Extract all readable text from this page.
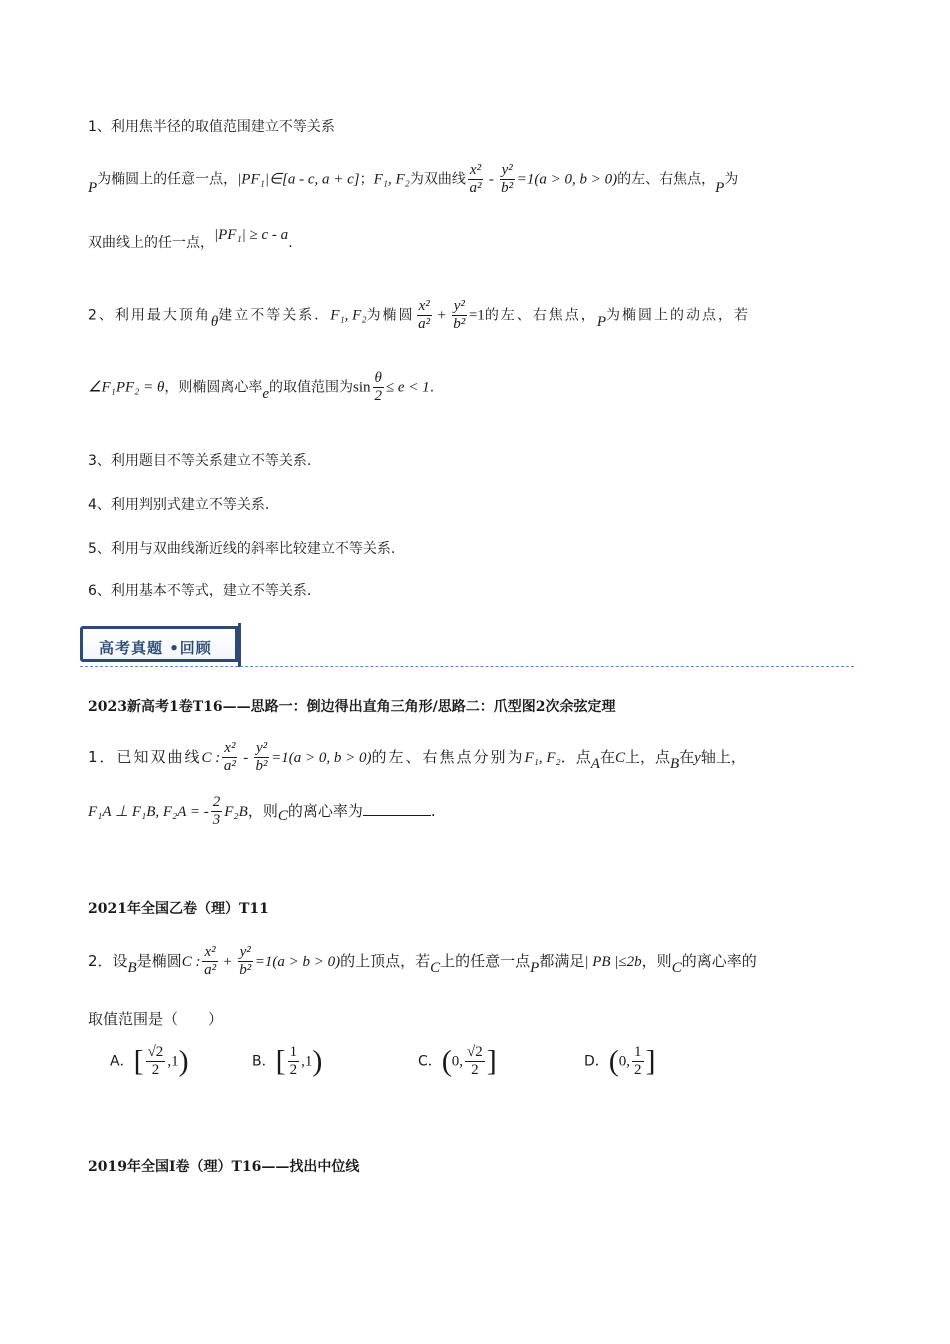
1、利用焦半径的取值范围建立不等关系
P为椭圆上的任意一点，|PF₁|∈[a - c, a + c]；F₁, F₂为双曲线 $\frac{\text{x²}}{\text{a²}} - \frac{\text{y²}}{\text{b²}} =1(a > 0$, b > 0)的左、右焦点，P为
双曲线上的任一点，|PF₁| ≥ c - a.
2、利用最大顶角θ建立不等关系．F₁, F₂为椭圆 $\frac{\text{x²}}{\text{a²}} + \frac{\text{y²}}{\text{b²}} =1$的左、右焦点，P为椭圆上的动点，若
∠F₁PF₂ = θ，则椭圆离心率e的取值范围为$\sin \frac{\theta}{2} \le e < 1$.
3、利用题目不等关系建立不等关系.
4、利用判别式建立不等关系.
5、利用与双曲线渐近线的斜率比较建立不等关系.
6、利用基本不等式，建立不等关系.
高考真题 •回顾
2023新高考1卷T16——思路一：倒边得出直角三角形/思路二：爪型图2次余弦定理
1．已知双曲线C : $\frac{\text{x²}}{\text{a²}} - \frac{\text{y²}}{\text{b²}} =1(a > 0$, b > 0)的左、右焦点分别为F₁, F₂．点A在C上，点B在y轴上，
F₁A ⊥ F₁B, F₂A = - $\frac{2}{3} F_2B$，则C的离心率为	.
2021年全国乙卷（理）T11
2．设B是椭圆C : $\frac{\text{x²}}{\text{a²}} + \frac{\text{y²}}{\text{b²}} =1(a > b > 0)$的上顶点，若C上的任意一点P都满足| PB |≤2b，则C的离心率的
取值范围是（　　）
A．[ $\frac{√2}{2} ,1$)	B．[ $\frac{1}{2} ,1$)	C．(0, $\frac{√2}{2}$ ]	D．(0, $\frac{1}{2}$ ]
2019年全国Ⅰ卷（理）T16——找出中位线
